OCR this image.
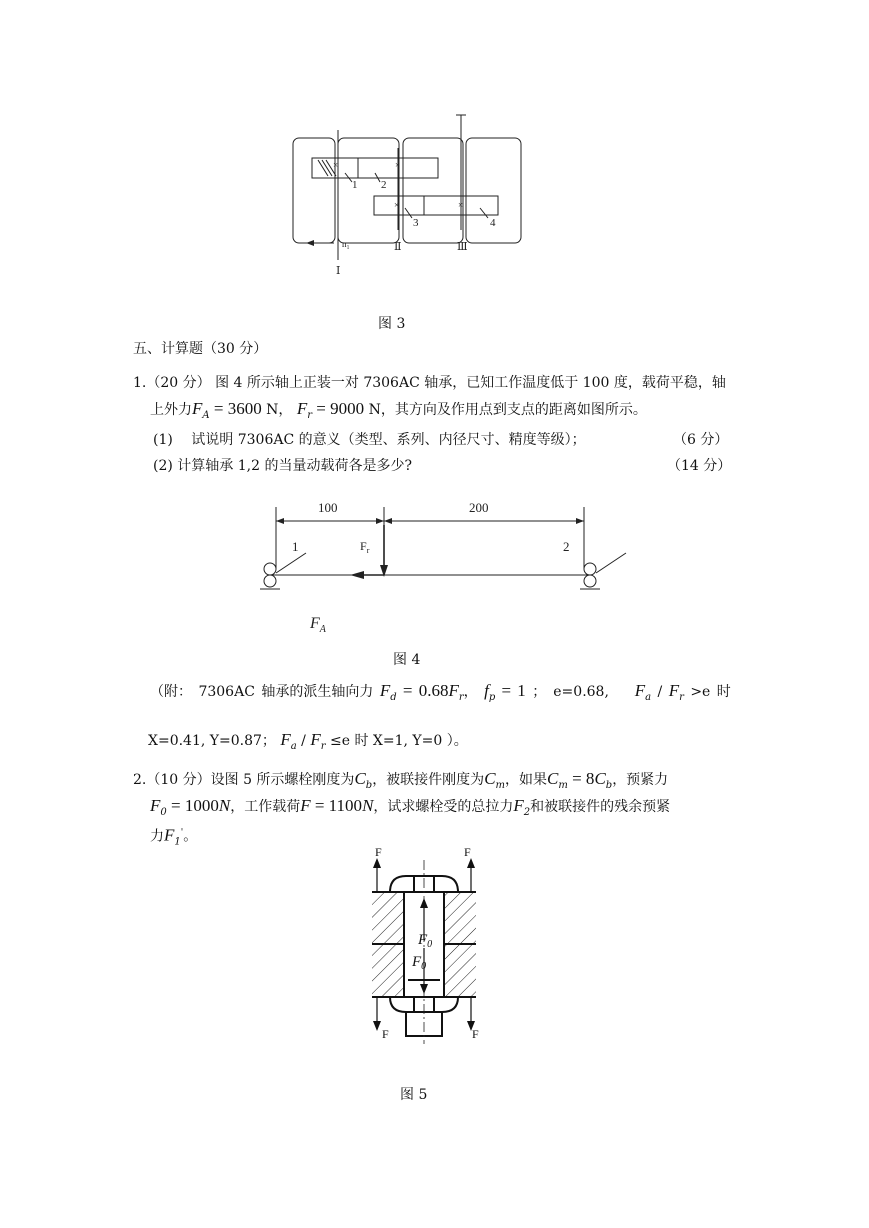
×	×
×	×
1 2
3	4
n₁
Ⅰ
Ⅱ	Ⅲ
图 3
五、计算题（30 分）
1.（20 分） 图 4 所示轴上正装一对 7306AC 轴承，已知工作温度低于 100 度，载荷平稳，轴
上外力$F_A = 3600$ N， $F_r = 9000$ N，其方向及作用点到支点的距离如图所示。
(1)　 试说明 7306AC 的意义（类型、系列、内径尺寸、精度等级）；	（6 分）
(2) 计算轴承 1,2 的当量动载荷各是多少?	（14 分）
100	200
1	2
$F_r$
$F_A$
图 4
（附： 7306AC 轴承的派生轴向力 $F_d = 0.68F_r$， $f_p = 1$ ；　e=0.68, $F_a / F_r >e$ 时
X=0.41, Y=0.87； $F_a / F_r \le e$ 时 X=1, Y=0 ）。
2.（10 分）设图 5 所示螺栓刚度为$C_b$，被联接件刚度为$C_m$，如果$C_m = 8C_b$，预紧力
$F_0 = 1000N$，工作载荷F = 1100N，试求螺栓受的总拉力$F_2$和被联接件的残余预紧
力$F_1'$。
F	F
F	F
$F_0$
$F_0$
图 5
